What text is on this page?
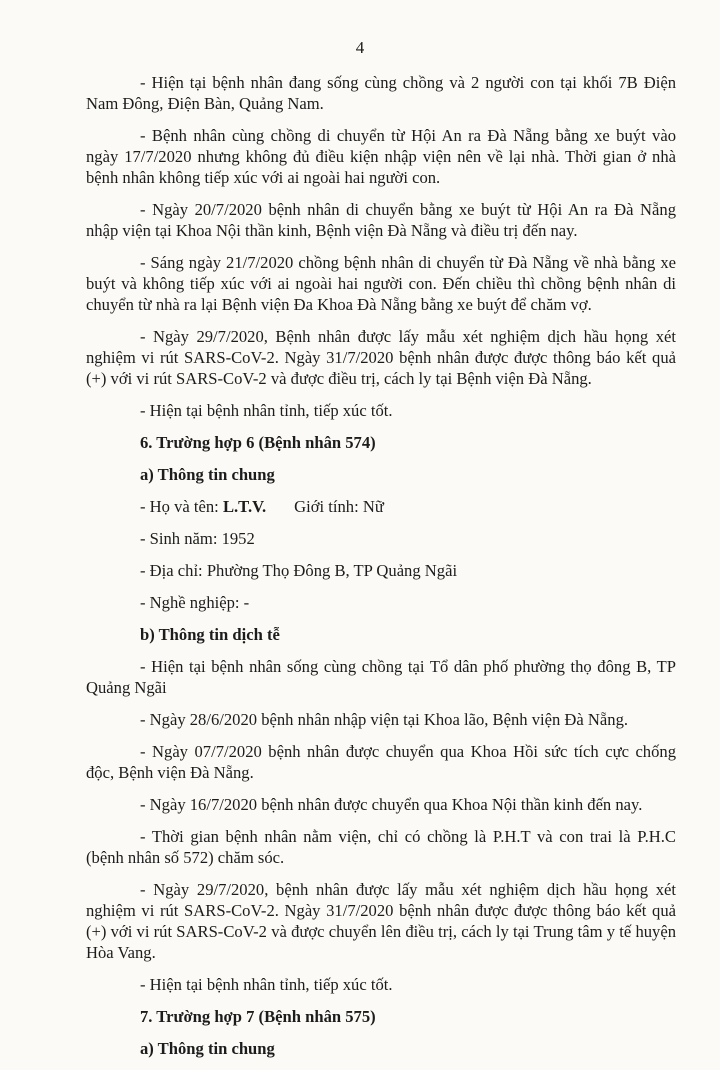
4

- Hiện tại bệnh nhân đang sống cùng chồng và 2 người con tại khối 7B Điện Nam Đông, Điện Bàn, Quảng Nam.

- Bệnh nhân cùng chồng di chuyển từ Hội An ra Đà Nẵng bằng xe buýt vào ngày 17/7/2020 nhưng không đủ điều kiện nhập viện nên về lại nhà. Thời gian ở nhà bệnh nhân không tiếp xúc với ai ngoài hai người con.

- Ngày 20/7/2020 bệnh nhân di chuyển bằng xe buýt từ Hội An ra Đà Nẵng nhập viện tại Khoa Nội thần kinh, Bệnh viện Đà Nẵng và điều trị đến nay.

- Sáng ngày 21/7/2020 chồng bệnh nhân di chuyển từ Đà Nẵng về nhà bằng xe buýt và không tiếp xúc với ai ngoài hai người con. Đến chiều thì chồng bệnh nhân di chuyển từ nhà ra lại Bệnh viện Đa Khoa Đà Nẵng bằng xe buýt để chăm vợ.

- Ngày 29/7/2020, Bệnh nhân được lấy mẫu xét nghiệm dịch hầu họng xét nghiệm vi rút SARS-CoV-2. Ngày 31/7/2020 bệnh nhân được được thông báo kết quả (+) với vi rút SARS-CoV-2 và được điều trị, cách ly tại Bệnh viện Đà Nẵng.

- Hiện tại bệnh nhân tỉnh, tiếp xúc tốt.

6. Trường hợp 6 (Bệnh nhân 574)

a) Thông tin chung

- Họ và tên: L.T.V. Giới tính: Nữ

- Sinh năm: 1952

- Địa chỉ: Phường Thọ Đông B, TP Quảng Ngãi

- Nghề nghiệp: -

b) Thông tin dịch tễ

- Hiện tại bệnh nhân sống cùng chồng tại Tổ dân phố phường thọ đông B, TP Quảng Ngãi

- Ngày 28/6/2020 bệnh nhân nhập viện tại Khoa lão, Bệnh viện Đà Nẵng.

- Ngày 07/7/2020 bệnh nhân được chuyển qua Khoa Hồi sức tích cực chống độc, Bệnh viện Đà Nẵng.

- Ngày 16/7/2020 bệnh nhân được chuyển qua Khoa Nội thần kinh đến nay.

- Thời gian bệnh nhân nằm viện, chỉ có chồng là P.H.T và con trai là P.H.C (bệnh nhân số 572) chăm sóc.

- Ngày 29/7/2020, bệnh nhân được lấy mẫu xét nghiệm dịch hầu họng xét nghiệm vi rút SARS-CoV-2. Ngày 31/7/2020 bệnh nhân được được thông báo kết quả (+) với vi rút SARS-CoV-2 và được chuyển lên điều trị, cách ly tại Trung tâm y tế huyện Hòa Vang.

- Hiện tại bệnh nhân tỉnh, tiếp xúc tốt.

7. Trường hợp 7 (Bệnh nhân 575)

a) Thông tin chung
